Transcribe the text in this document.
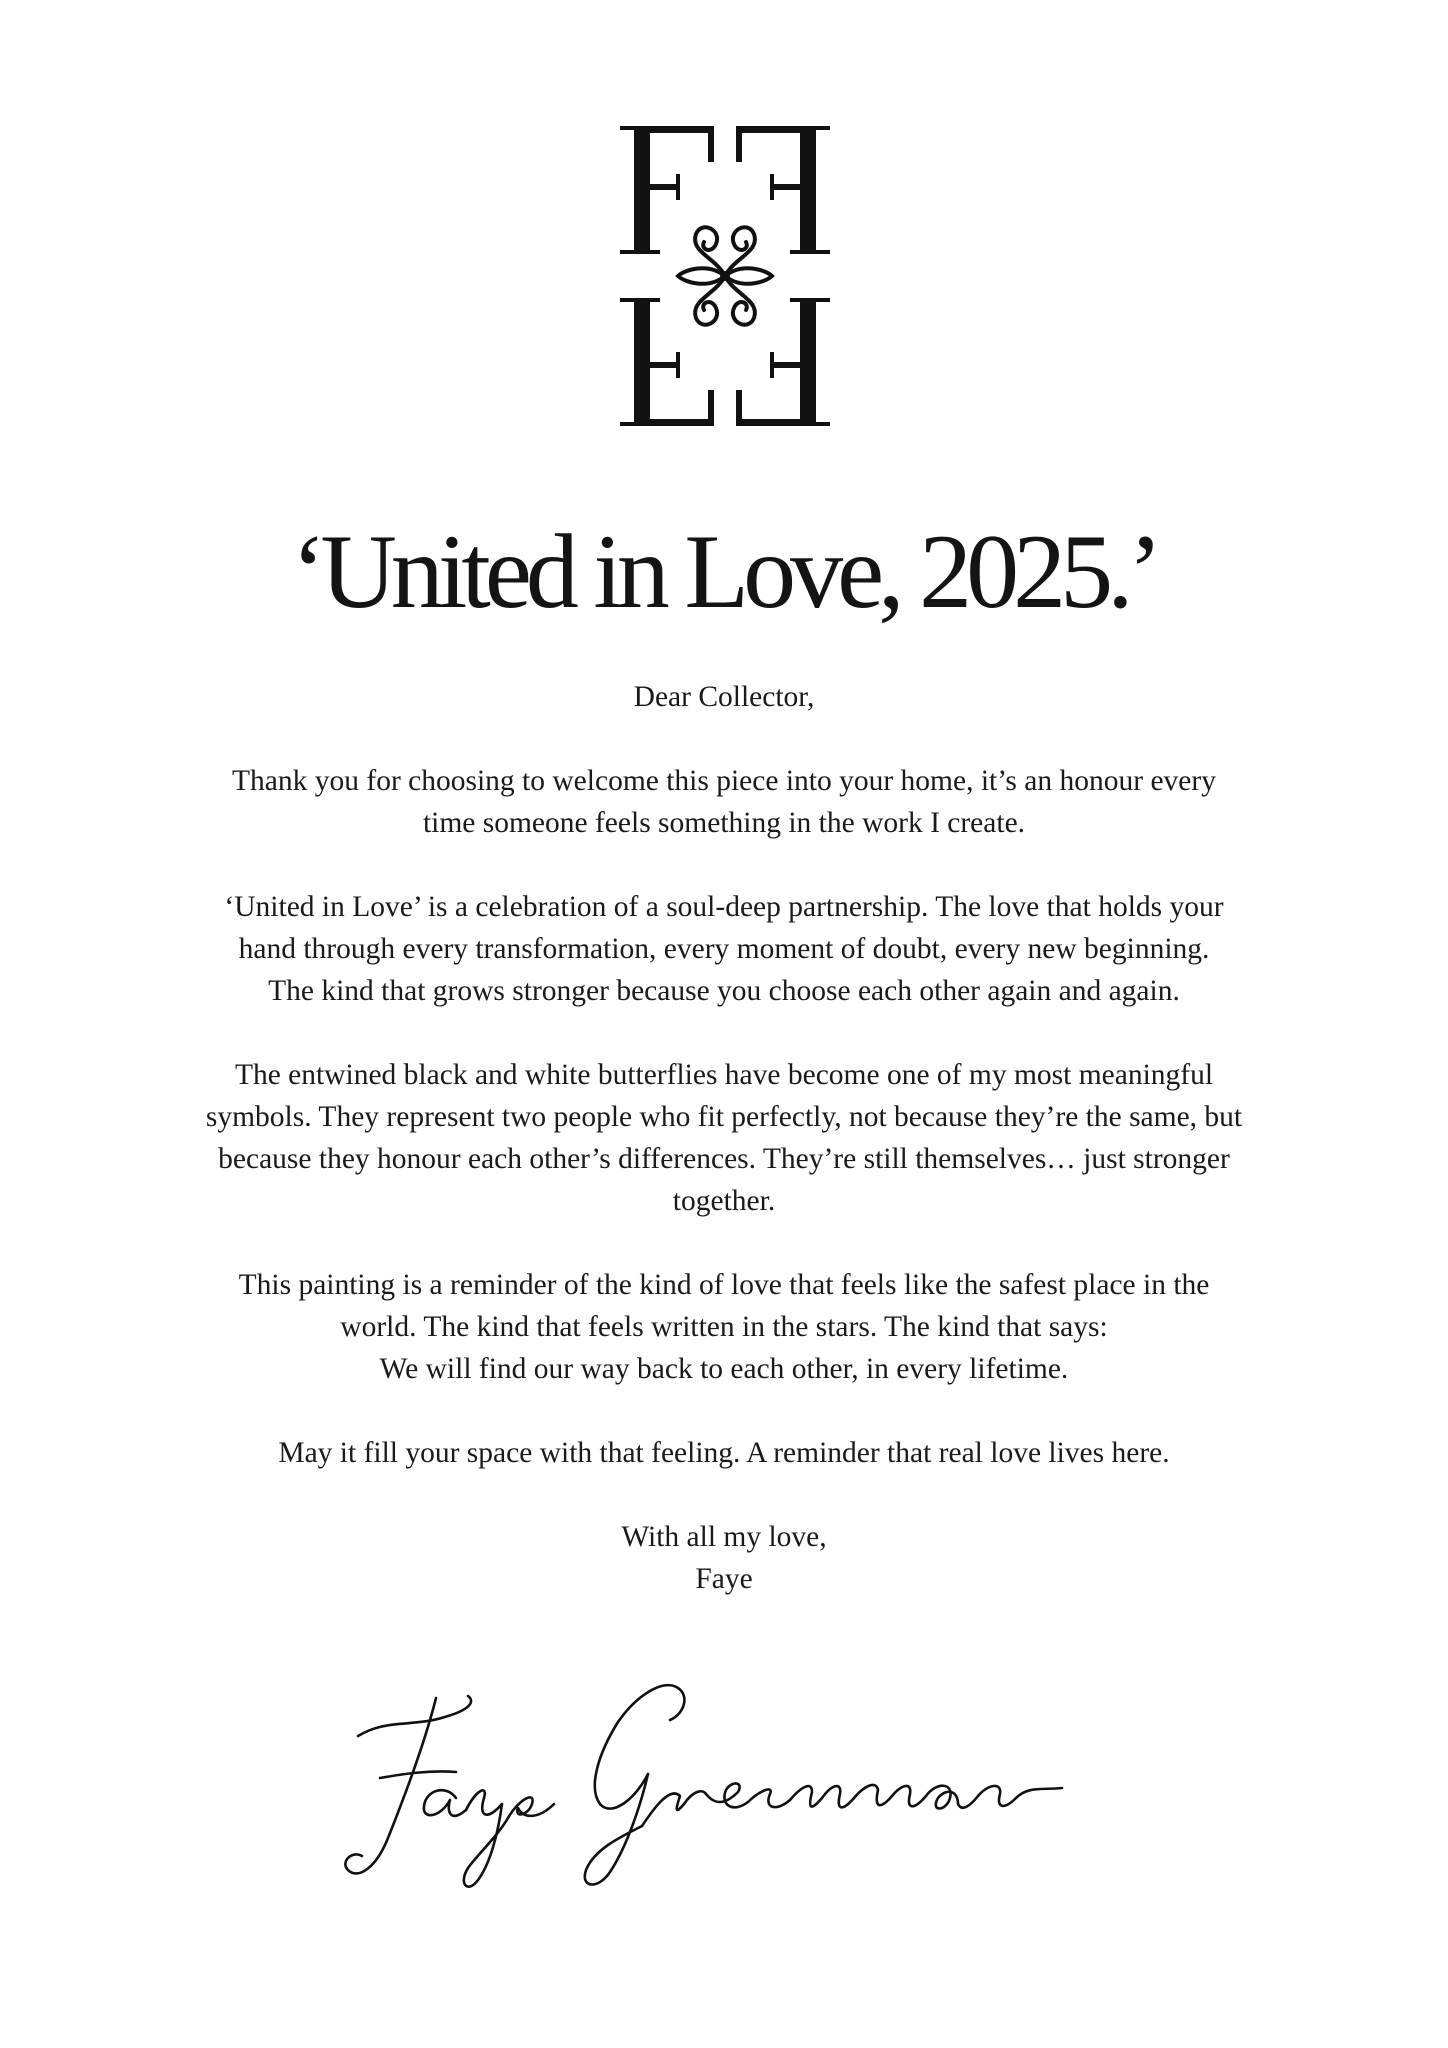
‘United in Love, 2025.’
Dear Collector,
Thank you for choosing to welcome this piece into your home, it’s an honour every
time someone feels something in the work I create.
‘United in Love’ is a celebration of a soul-deep partnership. The love that holds your
hand through every transformation, every moment of doubt, every new beginning.
The kind that grows stronger because you choose each other again and again.
The entwined black and white butterflies have become one of my most meaningful
symbols. They represent two people who fit perfectly, not because they’re the same, but
because they honour each other’s differences. They’re still themselves… just stronger
together.
This painting is a reminder of the kind of love that feels like the safest place in the
world. The kind that feels written in the stars. The kind that says:
We will find our way back to each other, in every lifetime.
May it fill your space with that feeling. A reminder that real love lives here.
With all my love,
Faye
